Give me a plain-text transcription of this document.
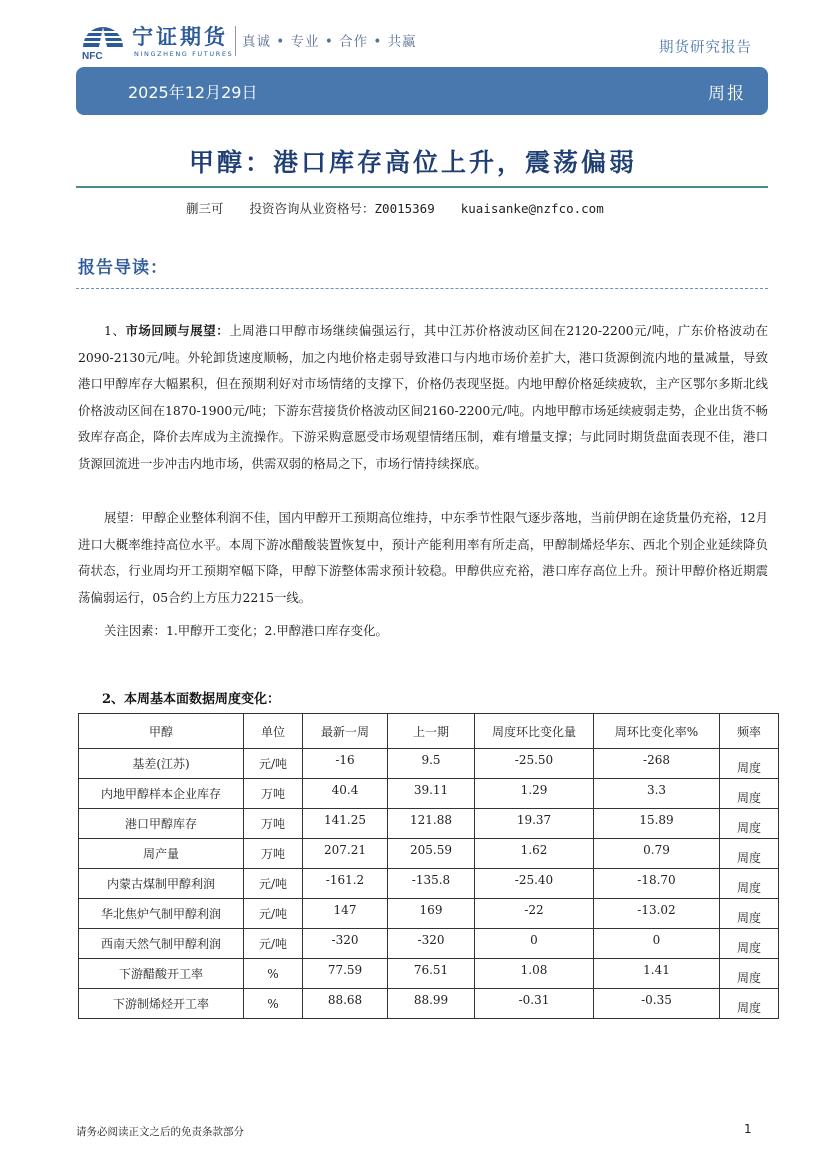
NFC
宁证期货
NINGZHENG FUTURES
真诚 • 专业 • 合作 • 共赢	期货研究报告
2025年12月29日	周报
甲醇：港口库存高位上升，震荡偏弱
蒯三可 投资咨询从业资格号：Z0015369 kuaisanke@nzfco.com
报告导读：
1、市场回顾与展望：上周港口甲醇市场继续偏强运行，其中江苏价格波动区间在2120-2200元/吨，广东价格波动在2090-2130元/吨。外轮卸货速度顺畅，加之内地价格走弱导致港口与内地市场价差扩大，港口货源倒流内地的量减量，导致港口甲醇库存大幅累积，但在预期利好对市场情绪的支撑下，价格仍表现坚挺。内地甲醇价格延续疲软，主产区鄂尔多斯北线价格波动区间在1870-1900元/吨；下游东营接货价格波动区间2160-2200元/吨。内地甲醇市场延续疲弱走势，企业出货不畅致库存高企，降价去库成为主流操作。下游采购意愿受市场观望情绪压制，难有增量支撑；与此同时期货盘面表现不佳，港口货源回流进一步冲击内地市场，供需双弱的格局之下，市场行情持续探底。
展望：甲醇企业整体利润不佳，国内甲醇开工预期高位维持，中东季节性限气逐步落地，当前伊朗在途货量仍充裕，12月进口大概率维持高位水平。本周下游冰醋酸装置恢复中，预计产能利用率有所走高，甲醇制烯烃华东、西北个别企业延续降负荷状态，行业周均开工预期窄幅下降，甲醇下游整体需求预计较稳。甲醇供应充裕，港口库存高位上升。预计甲醇价格近期震荡偏弱运行，05合约上方压力2215一线。
关注因素：1.甲醇开工变化；2.甲醇港口库存变化。
2、本周基本面数据周度变化：
甲醇	单位	最新一周	上一期	周度环比变化量	周环比变化率%	频率
基差(江苏)	元/吨	-16	9.5	-25.50	-268	周度
内地甲醇样本企业库存	万吨	40.4	39.11	1.29	3.3	周度
港口甲醇库存	万吨	141.25	121.88	19.37	15.89	周度
周产量	万吨	207.21	205.59	1.62	0.79	周度
内蒙古煤制甲醇利润	元/吨	-161.2	-135.8	-25.40	-18.70	周度
华北焦炉气制甲醇利润	元/吨	147	169	-22	-13.02	周度
西南天然气制甲醇利润	元/吨	-320	-320	0	0	周度
下游醋酸开工率	%	77.59	76.51	1.08	1.41	周度
下游制烯烃开工率	%	88.68	88.99	-0.31	-0.35	周度
请务必阅读正文之后的免责条款部分	1
